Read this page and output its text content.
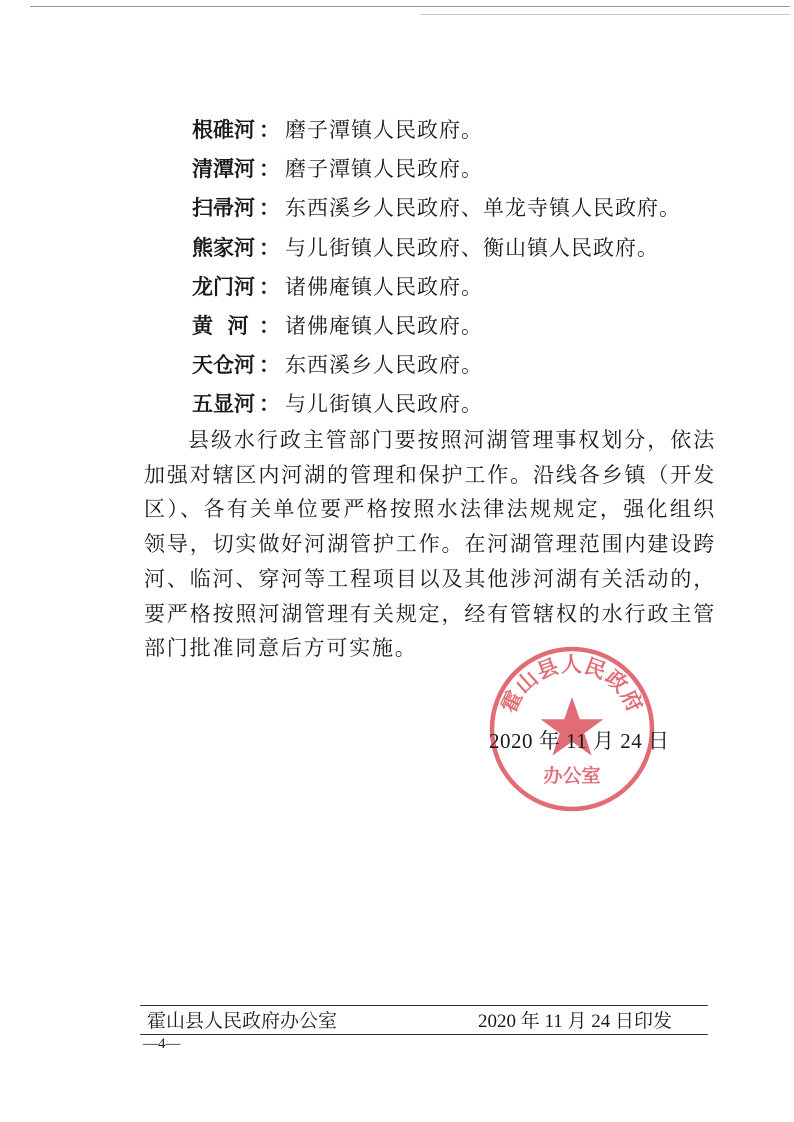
根碓河 ： 磨子潭镇人民政府。
清潭河 ： 磨子潭镇人民政府。
扫帚河 ： 东西溪乡人民政府、单龙寺镇人民政府。
熊家河 ： 与儿街镇人民政府、衡山镇人民政府。
龙门河 ： 诸佛庵镇人民政府。
黄  河 ： 诸佛庵镇人民政府。
天仓河 ： 东西溪乡人民政府。
五显河 ： 与儿街镇人民政府。

县级水行政主管部门要按照河湖管理事权划分，依法加强对辖区内河湖的管理和保护工作。沿线各乡镇（开发区）、各有关单位要严格按照水法律法规规定，强化组织领导，切实做好河湖管护工作。在河湖管理范围内建设跨河、临河、穿河等工程项目以及其他涉河湖有关活动的，要严格按照河湖管理有关规定，经有管辖权的水行政主管部门批准同意后方可实施。

霍山县人民政府
办公室
2020 年 11 月 24 日
霍山县人民政府办公室	2020 年 11 月 24 日印发
—4—
